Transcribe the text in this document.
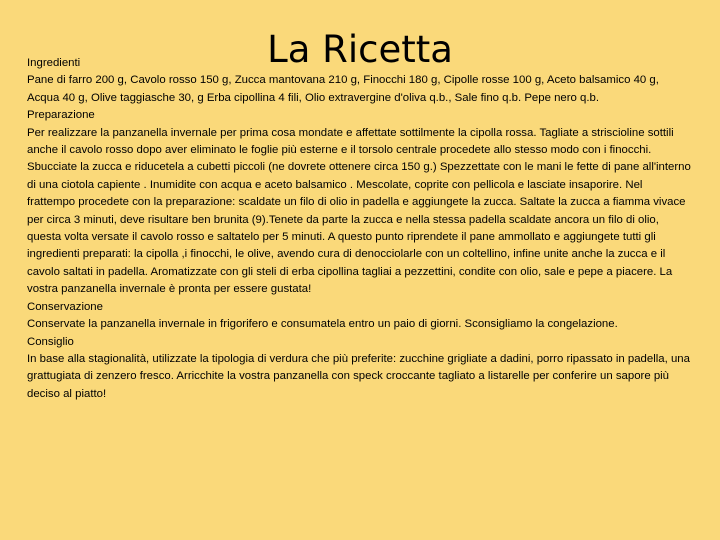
La Ricetta

Ingredienti

Pane di farro 200 g, Cavolo rosso 150 g, Zucca mantovana 210 g, Finocchi 180 g, Cipolle rosse 100 g, Aceto balsamico 40 g, Acqua 40 g, Olive taggiasche 30, g Erba cipollina 4 fili, Olio extravergine d'oliva q.b., Sale fino q.b. Pepe nero q.b.

Preparazione

Per realizzare la panzanella invernale per prima cosa mondate e affettate sottilmente la cipolla rossa. Tagliate a striscioline sottili anche il cavolo rosso dopo aver eliminato le foglie più esterne e il torsolo centrale procedete allo stesso modo con i finocchi. Sbucciate la zucca e riducetela a cubetti piccoli (ne dovrete ottenere circa 150 g.) Spezzettate con le mani le fette di pane all'interno di una ciotola capiente . Inumidite con acqua e aceto balsamico . Mescolate, coprite con pellicola e lasciate insaporire. Nel frattempo procedete con la preparazione: scaldate un filo di olio in padella e aggiungete la zucca. Saltate la zucca a fiamma vivace per circa 3 minuti, deve risultare ben brunita (9).Tenete da parte la zucca e nella stessa padella scaldate ancora un filo di olio, questa volta versate il cavolo rosso e saltatelo per 5 minuti. A questo punto riprendete il pane ammollato e aggiungete tutti gli ingredienti preparati: la cipolla ,i finocchi, le olive, avendo cura di denocciolarle con un coltellino, infine unite anche la zucca e il cavolo saltati in padella. Aromatizzate con gli steli di erba cipollina tagliai a pezzettini, condite con olio, sale e pepe a piacere. La vostra panzanella invernale è pronta per essere gustata!

Conservazione

Conservate la panzanella invernale in frigorifero e consumatela entro un paio di giorni. Sconsigliamo la congelazione.

Consiglio

In base alla stagionalità, utilizzate la tipologia di verdura che più preferite: zucchine grigliate a dadini, porro ripassato in padella, una grattugiata di zenzero fresco. Arricchite la vostra panzanella con speck croccante tagliato a listarelle per conferire un sapore più deciso al piatto!
